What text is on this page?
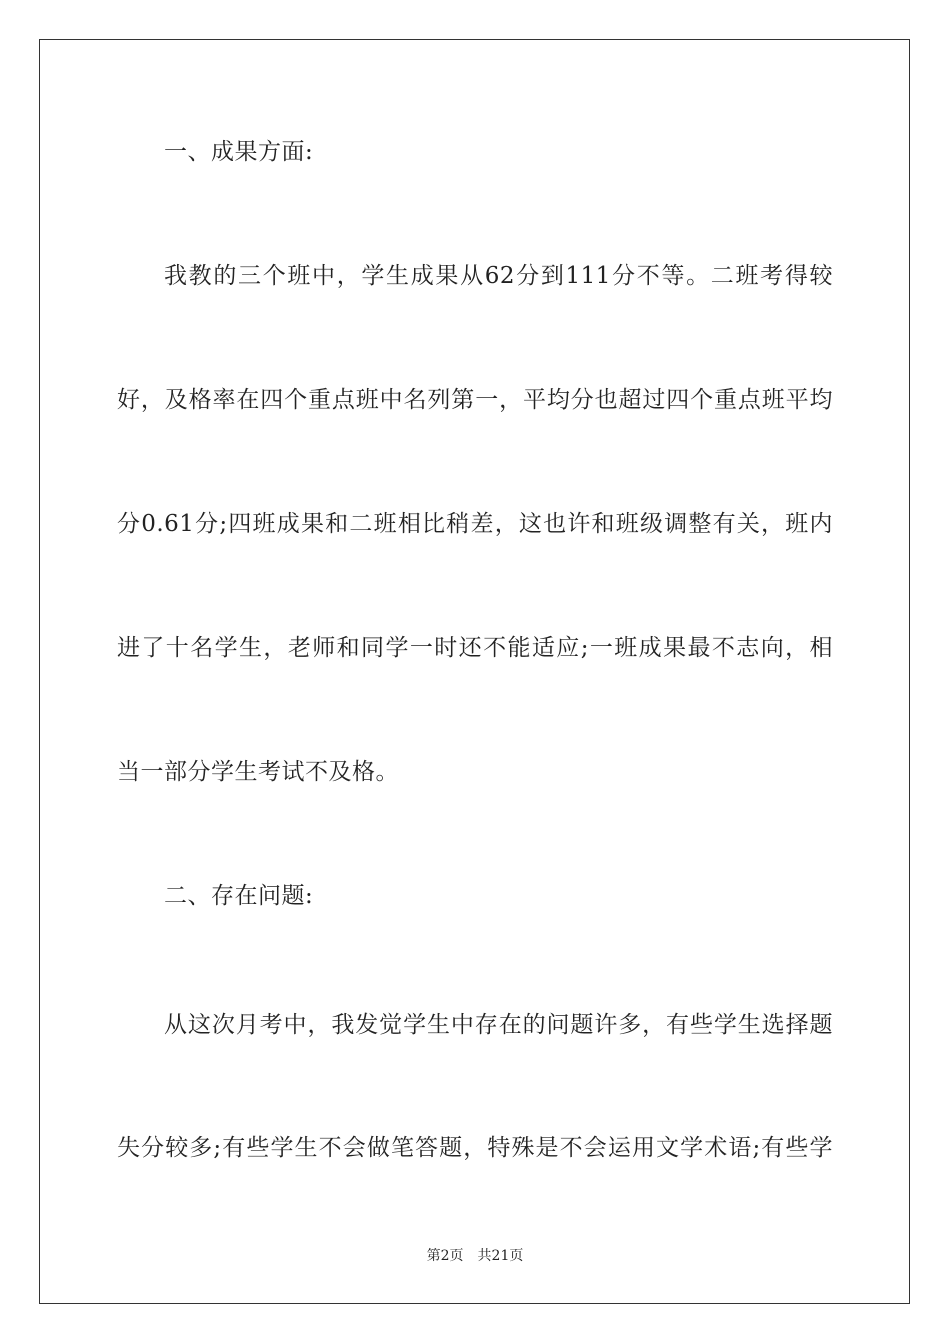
一、成果方面:
我教的三个班中，学生成果从62分到111分不等。二班考得较
好，及格率在四个重点班中名列第一，平均分也超过四个重点班平均
分0.61分;四班成果和二班相比稍差，这也许和班级调整有关，班内
进了十名学生，老师和同学一时还不能适应;一班成果最不志向，相
当一部分学生考试不及格。
二、存在问题:
从这次月考中，我发觉学生中存在的问题许多，有些学生选择题
失分较多;有些学生不会做笔答题，特殊是不会运用文学术语;有些学
第2页 共21页
